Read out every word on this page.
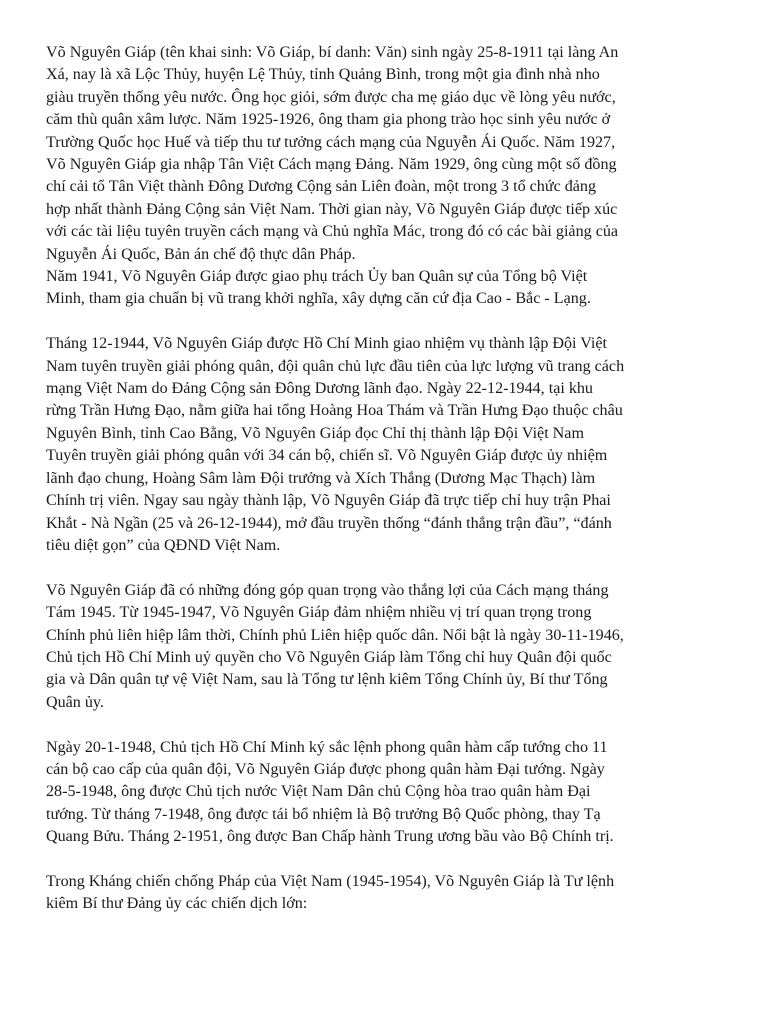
Võ Nguyên Giáp (tên khai sinh: Võ Giáp, bí danh: Văn) sinh ngày 25-8-1911 tại làng An
Xá, nay là xã Lộc Thủy, huyện Lệ Thủy, tỉnh Quảng Bình, trong một gia đình nhà nho
giàu truyền thống yêu nước. Ông học giỏi, sớm được cha mẹ giáo dục về lòng yêu nước,
căm thù quân xâm lược. Năm 1925-1926, ông tham gia phong trào học sinh yêu nước ở
Trường Quốc học Huế và tiếp thu tư tưởng cách mạng của Nguyễn Ái Quốc. Năm 1927,
Võ Nguyên Giáp gia nhập Tân Việt Cách mạng Đảng. Năm 1929, ông cùng một số đồng
chí cải tổ Tân Việt thành Đông Dương Cộng sản Liên đoàn, một trong 3 tổ chức đảng
hợp nhất thành Đảng Cộng sản Việt Nam. Thời gian này, Võ Nguyên Giáp được tiếp xúc
với các tài liệu tuyên truyền cách mạng và Chủ nghĩa Mác, trong đó có các bài giảng của
Nguyễn Ái Quốc, Bản án chế độ thực dân Pháp.

Năm 1941, Võ Nguyên Giáp được giao phụ trách Ủy ban Quân sự của Tổng bộ Việt
Minh, tham gia chuẩn bị vũ trang khởi nghĩa, xây dựng căn cứ địa Cao - Bắc - Lạng.

Tháng 12-1944, Võ Nguyên Giáp được Hồ Chí Minh giao nhiệm vụ thành lập Đội Việt
Nam tuyên truyền giải phóng quân, đội quân chủ lực đầu tiên của lực lượng vũ trang cách
mạng Việt Nam do Đảng Cộng sản Đông Dương lãnh đạo. Ngày 22-12-1944, tại khu
rừng Trần Hưng Đạo, nằm giữa hai tổng Hoàng Hoa Thám và Trần Hưng Đạo thuộc châu
Nguyên Bình, tỉnh Cao Bằng, Võ Nguyên Giáp đọc Chỉ thị thành lập Đội Việt Nam
Tuyên truyền giải phóng quân với 34 cán bộ, chiến sĩ. Võ Nguyên Giáp được ủy nhiệm
lãnh đạo chung, Hoàng Sâm làm Đội trưởng và Xích Thắng (Dương Mạc Thạch) làm
Chính trị viên. Ngay sau ngày thành lập, Võ Nguyên Giáp đã trực tiếp chỉ huy trận Phai
Khắt - Nà Ngần (25 và 26-12-1944), mở đầu truyền thống “đánh thắng trận đầu”, “đánh
tiêu diệt gọn” của QĐND Việt Nam.

Võ Nguyên Giáp đã có những đóng góp quan trọng vào thắng lợi của Cách mạng tháng
Tám 1945. Từ 1945-1947, Võ Nguyên Giáp đảm nhiệm nhiều vị trí quan trọng trong
Chính phủ liên hiệp lâm thời, Chính phủ Liên hiệp quốc dân. Nổi bật là ngày 30-11-1946,
Chủ tịch Hồ Chí Minh uỷ quyền cho Võ Nguyên Giáp làm Tổng chỉ huy Quân đội quốc
gia và Dân quân tự vệ Việt Nam, sau là Tổng tư lệnh kiêm Tổng Chính ủy, Bí thư Tổng
Quân ủy.

Ngày 20-1-1948, Chủ tịch Hồ Chí Minh ký sắc lệnh phong quân hàm cấp tướng cho 11
cán bộ cao cấp của quân đội, Võ Nguyên Giáp được phong quân hàm Đại tướng. Ngày
28-5-1948, ông được Chủ tịch nước Việt Nam Dân chủ Cộng hòa trao quân hàm Đại
tướng. Từ tháng 7-1948, ông được tái bổ nhiệm là Bộ trưởng Bộ Quốc phòng, thay Tạ
Quang Bửu. Tháng 2-1951, ông được Ban Chấp hành Trung ương bầu vào Bộ Chính trị.

Trong Kháng chiến chống Pháp của Việt Nam (1945-1954), Võ Nguyên Giáp là Tư lệnh
kiêm Bí thư Đảng ủy các chiến dịch lớn:
